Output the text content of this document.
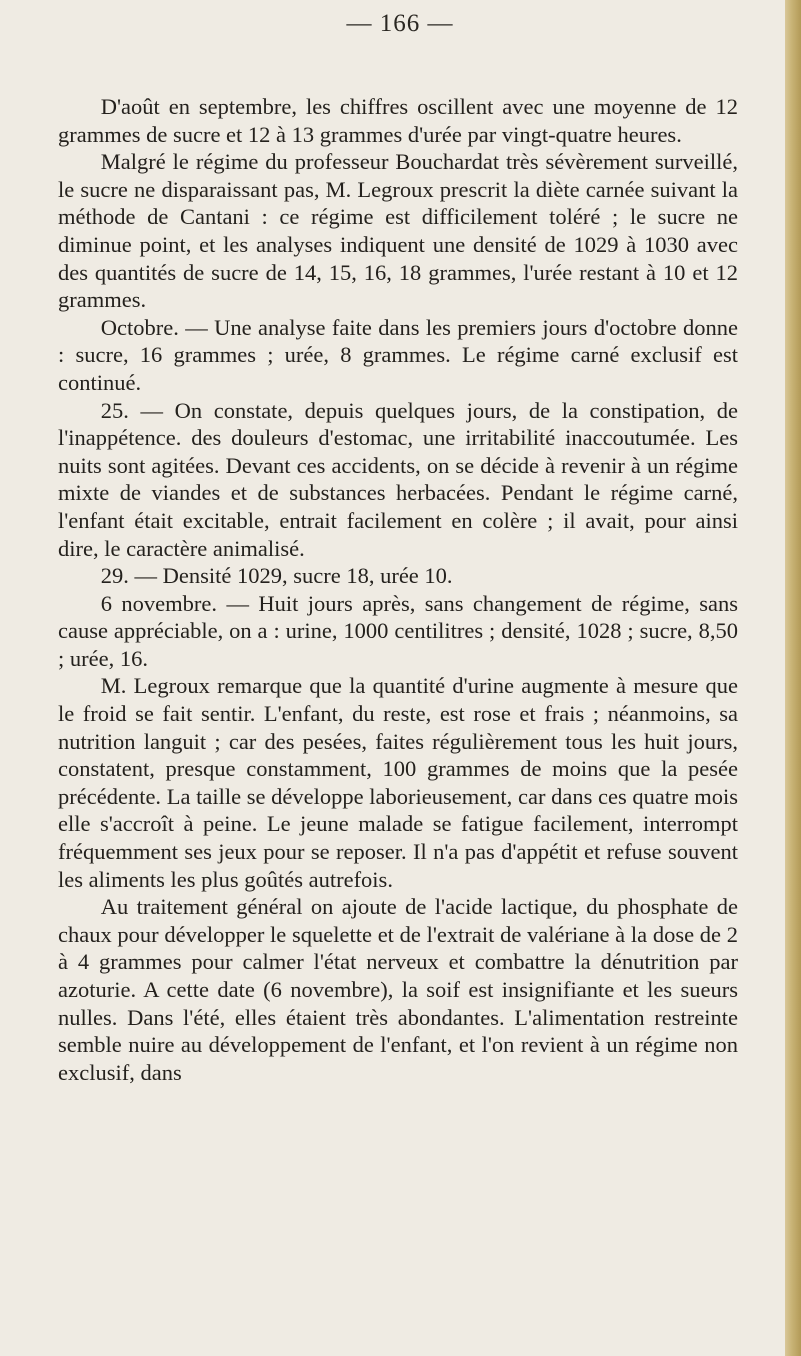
— 166 —

D'août en septembre, les chiffres oscillent avec une moyenne de 12 grammes de sucre et 12 à 13 grammes d'urée par vingt-quatre heures.

Malgré le régime du professeur Bouchardat très sévèrement surveillé, le sucre ne disparaissant pas, M. Legroux prescrit la diète carnée suivant la méthode de Cantani : ce régime est difficilement toléré ; le sucre ne diminue point, et les analyses indiquent une densité de 1029 à 1030 avec des quantités de sucre de 14, 15, 16, 18 grammes, l'urée restant à 10 et 12 grammes.

Octobre. — Une analyse faite dans les premiers jours d'octobre donne : sucre, 16 grammes ; urée, 8 grammes. Le régime carné exclusif est continué.

25. — On constate, depuis quelques jours, de la constipation, de l'inappétence. des douleurs d'estomac, une irritabilité inaccoutumée. Les nuits sont agitées. Devant ces accidents, on se décide à revenir à un régime mixte de viandes et de substances herbacées. Pendant le régime carné, l'enfant était excitable, entrait facilement en colère ; il avait, pour ainsi dire, le caractère animalisé.

29. — Densité 1029, sucre 18, urée 10.

6 novembre. — Huit jours après, sans changement de régime, sans cause appréciable, on a : urine, 1000 centilitres ; densité, 1028 ; sucre, 8,50 ; urée, 16.

M. Legroux remarque que la quantité d'urine augmente à mesure que le froid se fait sentir. L'enfant, du reste, est rose et frais ; néanmoins, sa nutrition languit ; car des pesées, faites régulièrement tous les huit jours, constatent, presque constamment, 100 grammes de moins que la pesée précédente. La taille se développe laborieusement, car dans ces quatre mois elle s'accroît à peine. Le jeune malade se fatigue facilement, interrompt fréquemment ses jeux pour se reposer. Il n'a pas d'appétit et refuse souvent les aliments les plus goûtés autrefois.

Au traitement général on ajoute de l'acide lactique, du phosphate de chaux pour développer le squelette et de l'extrait de valériane à la dose de 2 à 4 grammes pour calmer l'état nerveux et combattre la dénutrition par azoturie. A cette date (6 novembre), la soif est insignifiante et les sueurs nulles. Dans l'été, elles étaient très abondantes. L'alimentation restreinte semble nuire au développement de l'enfant, et l'on revient à un régime non exclusif, dans
